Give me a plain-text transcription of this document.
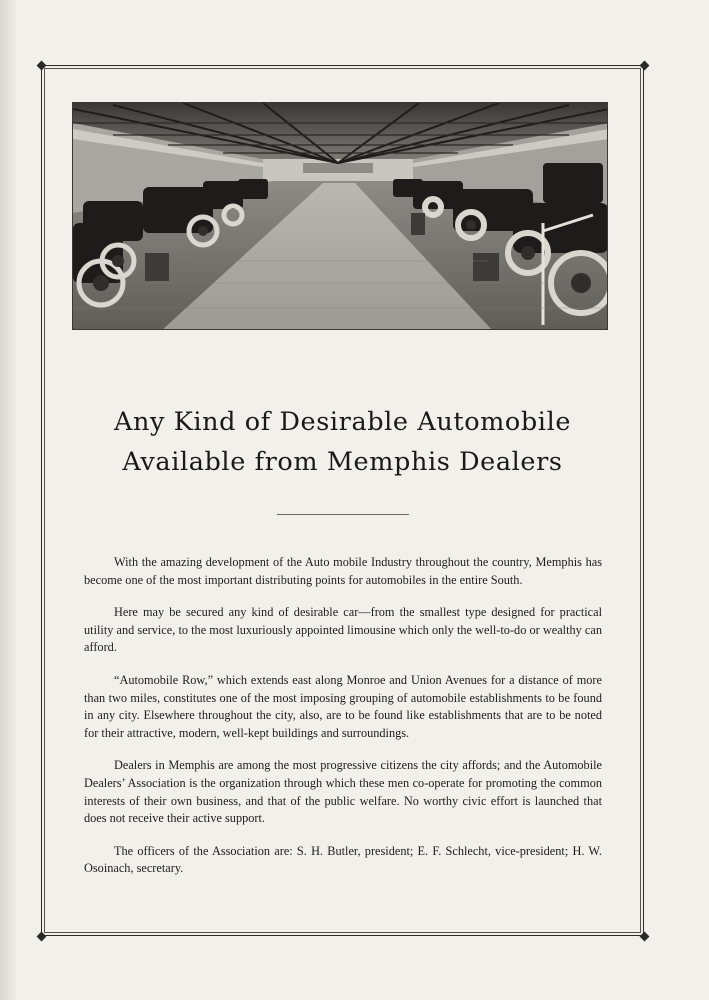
Any Kind of Desirable Automobile
Available from Memphis Dealers

With the amazing development of the Auto mobile Industry throughout the country, Memphis has become one of the most important distributing points for automobiles in the entire South.

Here may be secured any kind of desirable car—from the smallest type designed for practical utility and service, to the most luxuriously appointed limousine which only the well-to-do or wealthy can afford.

“Automobile Row,” which extends east along Monroe and Union Avenues for a distance of more than two miles, constitutes one of the most imposing grouping of automobile establishments to be found in any city. Elsewhere throughout the city, also, are to be found like establishments that are to be noted for their attractive, modern, well-kept buildings and surroundings.

Dealers in Memphis are among the most progressive citizens the city affords; and the Automobile Dealers’ Association is the organization through which these men co-operate for promoting the common interests of their own business, and that of the public welfare. No worthy civic effort is launched that does not receive their active support.

The officers of the Association are: S. H. Butler, president; E. F. Schlecht, vice-president; H. W. Osoinach, secretary.
